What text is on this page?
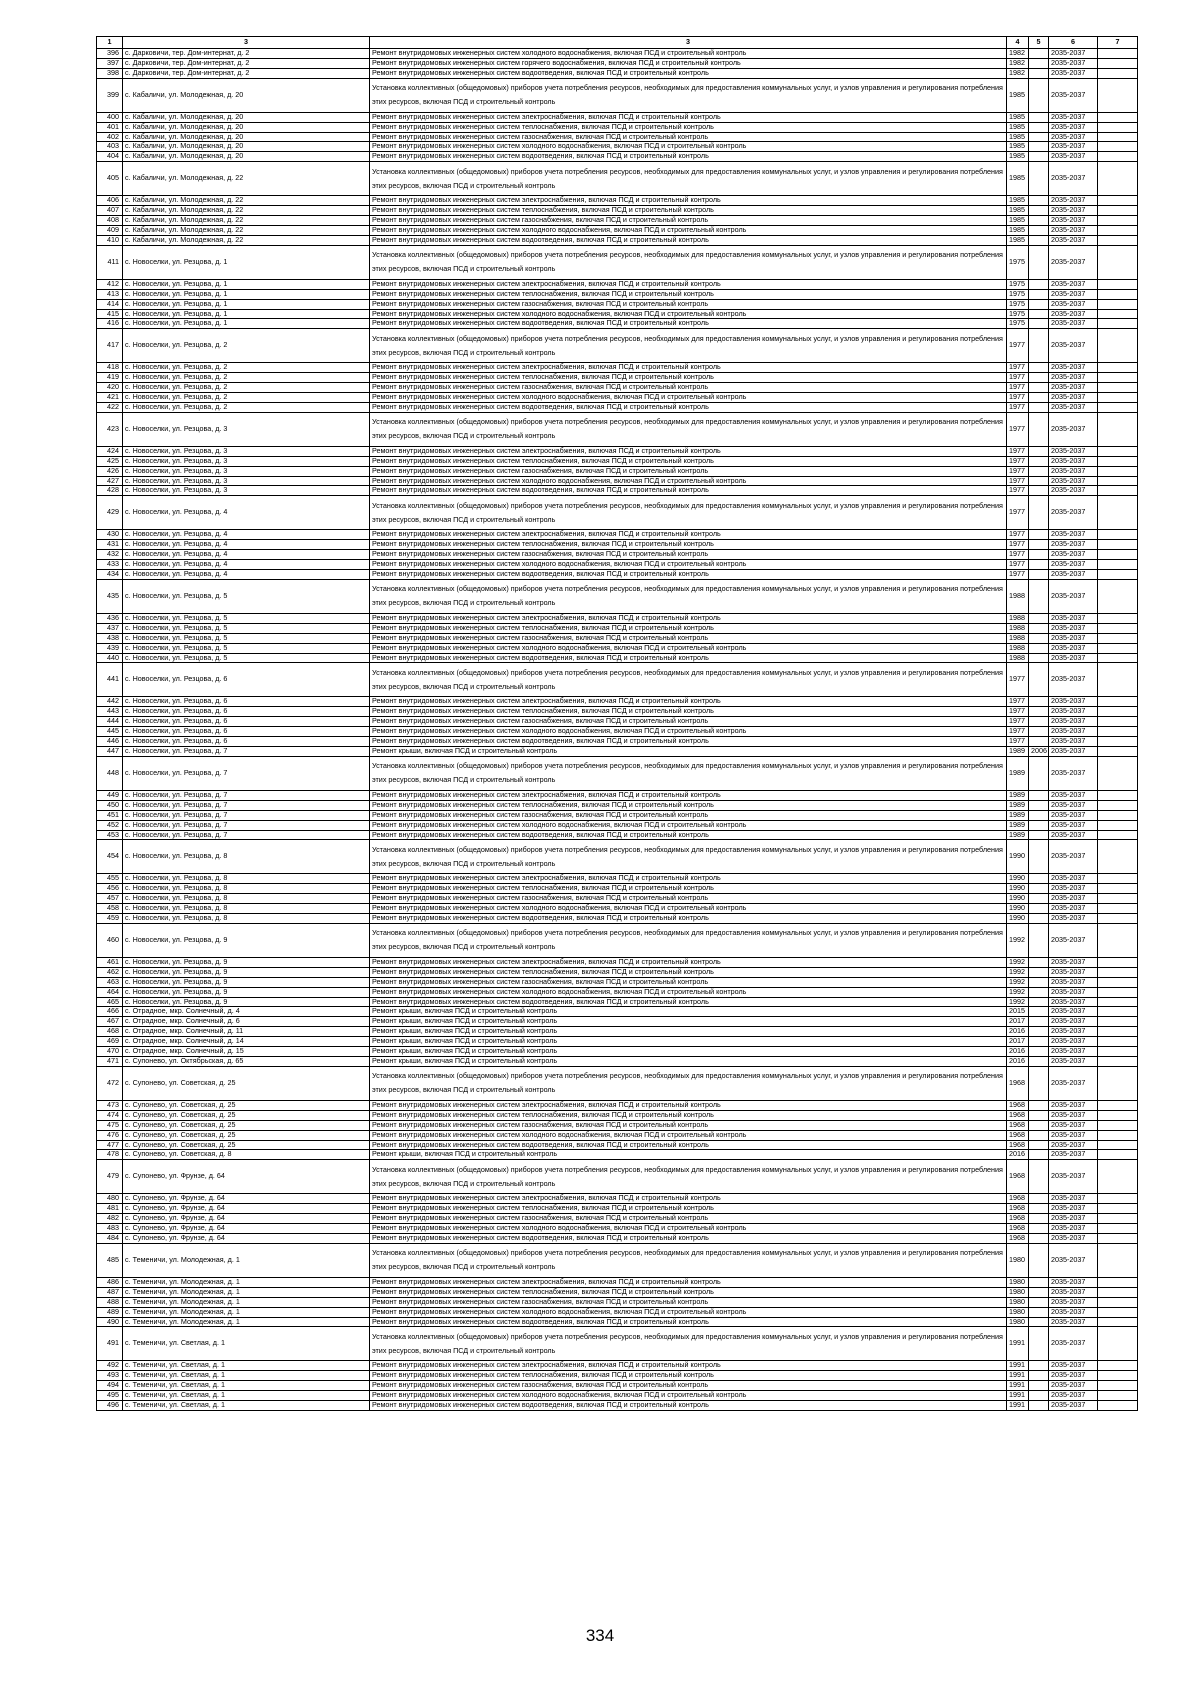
1	3	3	4	5	6	7
396	с. Дарковичи, тер. Дом-интернат, д. 2	Ремонт внутридомовых инженерных систем холодного водоснабжения, включая ПСД и строительный контроль	1982		2035-2037	
397	с. Дарковичи, тер. Дом-интернат, д. 2	Ремонт внутридомовых инженерных систем горячего водоснабжения, включая ПСД и строительный контроль	1982		2035-2037	
398	с. Дарковичи, тер. Дом-интернат, д. 2	Ремонт внутридомовых инженерных систем водоотведения, включая ПСД и строительный контроль	1982		2035-2037	
399	с. Кабаличи, ул. Молодежная, д. 20	Установка коллективных (общедомовых) приборов учета потребления ресурсов, необходимых для предоставления коммунальных услуг, и узлов управления и регулирования потребления этих ресурсов, включая ПСД и строительный контроль	1985		2035-2037	
400	с. Кабаличи, ул. Молодежная, д. 20	Ремонт внутридомовых инженерных систем электроснабжения, включая ПСД и строительный контроль	1985		2035-2037	
401	с. Кабаличи, ул. Молодежная, д. 20	Ремонт внутридомовых инженерных систем теплоснабжения, включая ПСД и строительный контроль	1985		2035-2037	
402	с. Кабаличи, ул. Молодежная, д. 20	Ремонт внутридомовых инженерных систем газоснабжения, включая ПСД и строительный контроль	1985		2035-2037	
403	с. Кабаличи, ул. Молодежная, д. 20	Ремонт внутридомовых инженерных систем холодного водоснабжения, включая ПСД и строительный контроль	1985		2035-2037	
404	с. Кабаличи, ул. Молодежная, д. 20	Ремонт внутридомовых инженерных систем водоотведения, включая ПСД и строительный контроль	1985		2035-2037	
405	с. Кабаличи, ул. Молодежная, д. 22	Установка коллективных (общедомовых) приборов учета потребления ресурсов, необходимых для предоставления коммунальных услуг, и узлов управления и регулирования потребления этих ресурсов, включая ПСД и строительный контроль	1985		2035-2037	
406	с. Кабаличи, ул. Молодежная, д. 22	Ремонт внутридомовых инженерных систем электроснабжения, включая ПСД и строительный контроль	1985		2035-2037	
407	с. Кабаличи, ул. Молодежная, д. 22	Ремонт внутридомовых инженерных систем теплоснабжения, включая ПСД и строительный контроль	1985		2035-2037	
408	с. Кабаличи, ул. Молодежная, д. 22	Ремонт внутридомовых инженерных систем газоснабжения, включая ПСД и строительный контроль	1985		2035-2037	
409	с. Кабаличи, ул. Молодежная, д. 22	Ремонт внутридомовых инженерных систем холодного водоснабжения, включая ПСД и строительный контроль	1985		2035-2037	
410	с. Кабаличи, ул. Молодежная, д. 22	Ремонт внутридомовых инженерных систем водоотведения, включая ПСД и строительный контроль	1985		2035-2037	
411	с. Новоселки, ул. Резцова, д. 1	Установка коллективных (общедомовых) приборов учета потребления ресурсов, необходимых для предоставления коммунальных услуг, и узлов управления и регулирования потребления этих ресурсов, включая ПСД и строительный контроль	1975		2035-2037	
412	с. Новоселки, ул. Резцова, д. 1	Ремонт внутридомовых инженерных систем электроснабжения, включая ПСД и строительный контроль	1975		2035-2037	
413	с. Новоселки, ул. Резцова, д. 1	Ремонт внутридомовых инженерных систем теплоснабжения, включая ПСД и строительный контроль	1975		2035-2037	
414	с. Новоселки, ул. Резцова, д. 1	Ремонт внутридомовых инженерных систем газоснабжения, включая ПСД и строительный контроль	1975		2035-2037	
415	с. Новоселки, ул. Резцова, д. 1	Ремонт внутридомовых инженерных систем холодного водоснабжения, включая ПСД и строительный контроль	1975		2035-2037	
416	с. Новоселки, ул. Резцова, д. 1	Ремонт внутридомовых инженерных систем водоотведения, включая ПСД и строительный контроль	1975		2035-2037	
417	с. Новоселки, ул. Резцова, д. 2	Установка коллективных (общедомовых) приборов учета потребления ресурсов, необходимых для предоставления коммунальных услуг, и узлов управления и регулирования потребления этих ресурсов, включая ПСД и строительный контроль	1977		2035-2037	
418	с. Новоселки, ул. Резцова, д. 2	Ремонт внутридомовых инженерных систем электроснабжения, включая ПСД и строительный контроль	1977		2035-2037	
419	с. Новоселки, ул. Резцова, д. 2	Ремонт внутридомовых инженерных систем теплоснабжения, включая ПСД и строительный контроль	1977		2035-2037	
420	с. Новоселки, ул. Резцова, д. 2	Ремонт внутридомовых инженерных систем газоснабжения, включая ПСД и строительный контроль	1977		2035-2037	
421	с. Новоселки, ул. Резцова, д. 2	Ремонт внутридомовых инженерных систем холодного водоснабжения, включая ПСД и строительный контроль	1977		2035-2037	
422	с. Новоселки, ул. Резцова, д. 2	Ремонт внутридомовых инженерных систем водоотведения, включая ПСД и строительный контроль	1977		2035-2037	
423	с. Новоселки, ул. Резцова, д. 3	Установка коллективных (общедомовых) приборов учета потребления ресурсов, необходимых для предоставления коммунальных услуг, и узлов управления и регулирования потребления этих ресурсов, включая ПСД и строительный контроль	1977		2035-2037	
424	с. Новоселки, ул. Резцова, д. 3	Ремонт внутридомовых инженерных систем электроснабжения, включая ПСД и строительный контроль	1977		2035-2037	
425	с. Новоселки, ул. Резцова, д. 3	Ремонт внутридомовых инженерных систем теплоснабжения, включая ПСД и строительный контроль	1977		2035-2037	
426	с. Новоселки, ул. Резцова, д. 3	Ремонт внутридомовых инженерных систем газоснабжения, включая ПСД и строительный контроль	1977		2035-2037	
427	с. Новоселки, ул. Резцова, д. 3	Ремонт внутридомовых инженерных систем холодного водоснабжения, включая ПСД и строительный контроль	1977		2035-2037	
428	с. Новоселки, ул. Резцова, д. 3	Ремонт внутридомовых инженерных систем водоотведения, включая ПСД и строительный контроль	1977		2035-2037	
429	с. Новоселки, ул. Резцова, д. 4	Установка коллективных (общедомовых) приборов учета потребления ресурсов, необходимых для предоставления коммунальных услуг, и узлов управления и регулирования потребления этих ресурсов, включая ПСД и строительный контроль	1977		2035-2037	
430	с. Новоселки, ул. Резцова, д. 4	Ремонт внутридомовых инженерных систем электроснабжения, включая ПСД и строительный контроль	1977		2035-2037	
431	с. Новоселки, ул. Резцова, д. 4	Ремонт внутридомовых инженерных систем теплоснабжения, включая ПСД и строительный контроль	1977		2035-2037	
432	с. Новоселки, ул. Резцова, д. 4	Ремонт внутридомовых инженерных систем газоснабжения, включая ПСД и строительный контроль	1977		2035-2037	
433	с. Новоселки, ул. Резцова, д. 4	Ремонт внутридомовых инженерных систем холодного водоснабжения, включая ПСД и строительный контроль	1977		2035-2037	
434	с. Новоселки, ул. Резцова, д. 4	Ремонт внутридомовых инженерных систем водоотведения, включая ПСД и строительный контроль	1977		2035-2037	
435	с. Новоселки, ул. Резцова, д. 5	Установка коллективных (общедомовых) приборов учета потребления ресурсов, необходимых для предоставления коммунальных услуг, и узлов управления и регулирования потребления этих ресурсов, включая ПСД и строительный контроль	1988		2035-2037	
436	с. Новоселки, ул. Резцова, д. 5	Ремонт внутридомовых инженерных систем электроснабжения, включая ПСД и строительный контроль	1988		2035-2037	
437	с. Новоселки, ул. Резцова, д. 5	Ремонт внутридомовых инженерных систем теплоснабжения, включая ПСД и строительный контроль	1988		2035-2037	
438	с. Новоселки, ул. Резцова, д. 5	Ремонт внутридомовых инженерных систем газоснабжения, включая ПСД и строительный контроль	1988		2035-2037	
439	с. Новоселки, ул. Резцова, д. 5	Ремонт внутридомовых инженерных систем холодного водоснабжения, включая ПСД и строительный контроль	1988		2035-2037	
440	с. Новоселки, ул. Резцова, д. 5	Ремонт внутридомовых инженерных систем водоотведения, включая ПСД и строительный контроль	1988		2035-2037	
441	с. Новоселки, ул. Резцова, д. 6	Установка коллективных (общедомовых) приборов учета потребления ресурсов, необходимых для предоставления коммунальных услуг, и узлов управления и регулирования потребления этих ресурсов, включая ПСД и строительный контроль	1977		2035-2037	
442	с. Новоселки, ул. Резцова, д. 6	Ремонт внутридомовых инженерных систем электроснабжения, включая ПСД и строительный контроль	1977		2035-2037	
443	с. Новоселки, ул. Резцова, д. 6	Ремонт внутридомовых инженерных систем теплоснабжения, включая ПСД и строительный контроль	1977		2035-2037	
444	с. Новоселки, ул. Резцова, д. 6	Ремонт внутридомовых инженерных систем газоснабжения, включая ПСД и строительный контроль	1977		2035-2037	
445	с. Новоселки, ул. Резцова, д. 6	Ремонт внутридомовых инженерных систем холодного водоснабжения, включая ПСД и строительный контроль	1977		2035-2037	
446	с. Новоселки, ул. Резцова, д. 6	Ремонт внутридомовых инженерных систем водоотведения, включая ПСД и строительный контроль	1977		2035-2037	
447	с. Новоселки, ул. Резцова, д. 7	Ремонт крыши, включая ПСД и строительный контроль	1989	2006	2035-2037	
448	с. Новоселки, ул. Резцова, д. 7	Установка коллективных (общедомовых) приборов учета потребления ресурсов, необходимых для предоставления коммунальных услуг, и узлов управления и регулирования потребления этих ресурсов, включая ПСД и строительный контроль	1989		2035-2037	
449	с. Новоселки, ул. Резцова, д. 7	Ремонт внутридомовых инженерных систем электроснабжения, включая ПСД и строительный контроль	1989		2035-2037	
450	с. Новоселки, ул. Резцова, д. 7	Ремонт внутридомовых инженерных систем теплоснабжения, включая ПСД и строительный контроль	1989		2035-2037	
451	с. Новоселки, ул. Резцова, д. 7	Ремонт внутридомовых инженерных систем газоснабжения, включая ПСД и строительный контроль	1989		2035-2037	
452	с. Новоселки, ул. Резцова, д. 7	Ремонт внутридомовых инженерных систем холодного водоснабжения, включая ПСД и строительный контроль	1989		2035-2037	
453	с. Новоселки, ул. Резцова, д. 7	Ремонт внутридомовых инженерных систем водоотведения, включая ПСД и строительный контроль	1989		2035-2037	
454	с. Новоселки, ул. Резцова, д. 8	Установка коллективных (общедомовых) приборов учета потребления ресурсов, необходимых для предоставления коммунальных услуг, и узлов управления и регулирования потребления этих ресурсов, включая ПСД и строительный контроль	1990		2035-2037	
455	с. Новоселки, ул. Резцова, д. 8	Ремонт внутридомовых инженерных систем электроснабжения, включая ПСД и строительный контроль	1990		2035-2037	
456	с. Новоселки, ул. Резцова, д. 8	Ремонт внутридомовых инженерных систем теплоснабжения, включая ПСД и строительный контроль	1990		2035-2037	
457	с. Новоселки, ул. Резцова, д. 8	Ремонт внутридомовых инженерных систем газоснабжения, включая ПСД и строительный контроль	1990		2035-2037	
458	с. Новоселки, ул. Резцова, д. 8	Ремонт внутридомовых инженерных систем холодного водоснабжения, включая ПСД и строительный контроль	1990		2035-2037	
459	с. Новоселки, ул. Резцова, д. 8	Ремонт внутридомовых инженерных систем водоотведения, включая ПСД и строительный контроль	1990		2035-2037	
460	с. Новоселки, ул. Резцова, д. 9	Установка коллективных (общедомовых) приборов учета потребления ресурсов, необходимых для предоставления коммунальных услуг, и узлов управления и регулирования потребления этих ресурсов, включая ПСД и строительный контроль	1992		2035-2037	
461	с. Новоселки, ул. Резцова, д. 9	Ремонт внутридомовых инженерных систем электроснабжения, включая ПСД и строительный контроль	1992		2035-2037	
462	с. Новоселки, ул. Резцова, д. 9	Ремонт внутридомовых инженерных систем теплоснабжения, включая ПСД и строительный контроль	1992		2035-2037	
463	с. Новоселки, ул. Резцова, д. 9	Ремонт внутридомовых инженерных систем газоснабжения, включая ПСД и строительный контроль	1992		2035-2037	
464	с. Новоселки, ул. Резцова, д. 9	Ремонт внутридомовых инженерных систем холодного водоснабжения, включая ПСД и строительный контроль	1992		2035-2037	
465	с. Новоселки, ул. Резцова, д. 9	Ремонт внутридомовых инженерных систем водоотведения, включая ПСД и строительный контроль	1992		2035-2037	
466	с. Отрадное, мкр. Солнечный, д. 4	Ремонт крыши, включая ПСД и строительный контроль	2015		2035-2037	
467	с. Отрадное, мкр. Солнечный, д. 6	Ремонт крыши, включая ПСД и строительный контроль	2017		2035-2037	
468	с. Отрадное, мкр. Солнечный, д. 11	Ремонт крыши, включая ПСД и строительный контроль	2016		2035-2037	
469	с. Отрадное, мкр. Солнечный, д. 14	Ремонт крыши, включая ПСД и строительный контроль	2017		2035-2037	
470	с. Отрадное, мкр. Солнечный, д. 15	Ремонт крыши, включая ПСД и строительный контроль	2016		2035-2037	
471	с. Супонево, ул. Октябрьская, д. 65	Ремонт крыши, включая ПСД и строительный контроль	2016		2035-2037	
472	с. Супонево, ул. Советская, д. 25	Установка коллективных (общедомовых) приборов учета потребления ресурсов, необходимых для предоставления коммунальных услуг, и узлов управления и регулирования потребления этих ресурсов, включая ПСД и строительный контроль	1968		2035-2037	
473	с. Супонево, ул. Советская, д. 25	Ремонт внутридомовых инженерных систем электроснабжения, включая ПСД и строительный контроль	1968		2035-2037	
474	с. Супонево, ул. Советская, д. 25	Ремонт внутридомовых инженерных систем теплоснабжения, включая ПСД и строительный контроль	1968		2035-2037	
475	с. Супонево, ул. Советская, д. 25	Ремонт внутридомовых инженерных систем газоснабжения, включая ПСД и строительный контроль	1968		2035-2037	
476	с. Супонево, ул. Советская, д. 25	Ремонт внутридомовых инженерных систем холодного водоснабжения, включая ПСД и строительный контроль	1968		2035-2037	
477	с. Супонево, ул. Советская, д. 25	Ремонт внутридомовых инженерных систем водоотведения, включая ПСД и строительный контроль	1968		2035-2037	
478	с. Супонево, ул. Советская, д. 8	Ремонт крыши, включая ПСД и строительный контроль	2016		2035-2037	
479	с. Супонево, ул. Фрунзе, д. 64	Установка коллективных (общедомовых) приборов учета потребления ресурсов, необходимых для предоставления коммунальных услуг, и узлов управления и регулирования потребления этих ресурсов, включая ПСД и строительный контроль	1968		2035-2037	
480	с. Супонево, ул. Фрунзе, д. 64	Ремонт внутридомовых инженерных систем электроснабжения, включая ПСД и строительный контроль	1968		2035-2037	
481	с. Супонево, ул. Фрунзе, д. 64	Ремонт внутридомовых инженерных систем теплоснабжения, включая ПСД и строительный контроль	1968		2035-2037	
482	с. Супонево, ул. Фрунзе, д. 64	Ремонт внутридомовых инженерных систем газоснабжения, включая ПСД и строительный контроль	1968		2035-2037	
483	с. Супонево, ул. Фрунзе, д. 64	Ремонт внутридомовых инженерных систем холодного водоснабжения, включая ПСД и строительный контроль	1968		2035-2037	
484	с. Супонево, ул. Фрунзе, д. 64	Ремонт внутридомовых инженерных систем водоотведения, включая ПСД и строительный контроль	1968		2035-2037	
485	с. Теменичи, ул. Молодежная, д. 1	Установка коллективных (общедомовых) приборов учета потребления ресурсов, необходимых для предоставления коммунальных услуг, и узлов управления и регулирования потребления этих ресурсов, включая ПСД и строительный контроль	1980		2035-2037	
486	с. Теменичи, ул. Молодежная, д. 1	Ремонт внутридомовых инженерных систем электроснабжения, включая ПСД и строительный контроль	1980		2035-2037	
487	с. Теменичи, ул. Молодежная, д. 1	Ремонт внутридомовых инженерных систем теплоснабжения, включая ПСД и строительный контроль	1980		2035-2037	
488	с. Теменичи, ул. Молодежная, д. 1	Ремонт внутридомовых инженерных систем газоснабжения, включая ПСД и строительный контроль	1980		2035-2037	
489	с. Теменичи, ул. Молодежная, д. 1	Ремонт внутридомовых инженерных систем холодного водоснабжения, включая ПСД и строительный контроль	1980		2035-2037	
490	с. Теменичи, ул. Молодежная, д. 1	Ремонт внутридомовых инженерных систем водоотведения, включая ПСД и строительный контроль	1980		2035-2037	
491	с. Теменичи, ул. Светлая, д. 1	Установка коллективных (общедомовых) приборов учета потребления ресурсов, необходимых для предоставления коммунальных услуг, и узлов управления и регулирования потребления этих ресурсов, включая ПСД и строительный контроль	1991		2035-2037	
492	с. Теменичи, ул. Светлая, д. 1	Ремонт внутридомовых инженерных систем электроснабжения, включая ПСД и строительный контроль	1991		2035-2037	
493	с. Теменичи, ул. Светлая, д. 1	Ремонт внутридомовых инженерных систем теплоснабжения, включая ПСД и строительный контроль	1991		2035-2037	
494	с. Теменичи, ул. Светлая, д. 1	Ремонт внутридомовых инженерных систем газоснабжения, включая ПСД и строительный контроль	1991		2035-2037	
495	с. Теменичи, ул. Светлая, д. 1	Ремонт внутридомовых инженерных систем холодного водоснабжения, включая ПСД и строительный контроль	1991		2035-2037	
496	с. Теменичи, ул. Светлая, д. 1	Ремонт внутридомовых инженерных систем водоотведения, включая ПСД и строительный контроль	1991		2035-2037	
334
